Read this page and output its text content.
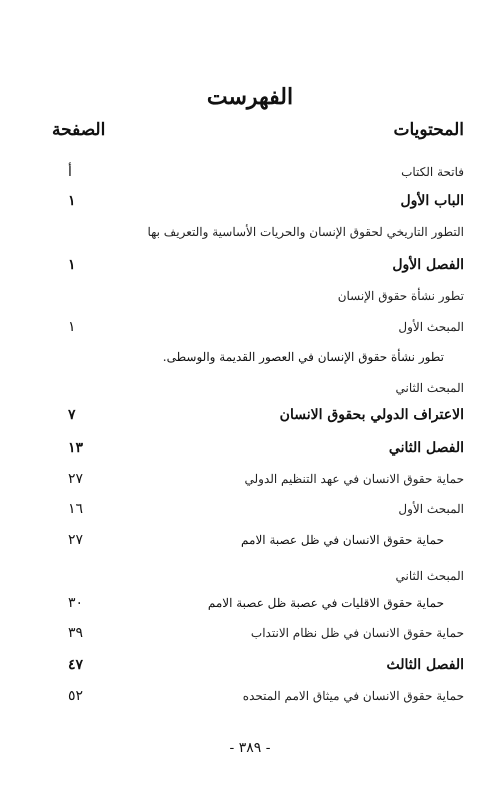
الفهرست
المحتويات
الصفحة
فاتحة الكتاب
أ
الباب الأول
١
التطور التاريخي لحقوق الإنسان والحريات الأساسية والتعريف بها
الفصل الأول
١
تطور نشأة حقوق الإنسان
المبحث الأول
١
تطور نشأة حقوق الإنسان في العصور القديمة والوسطى.
المبحث الثاني
الاعتراف الدولي بحقوق الانسان
٧
الفصل الثاني
١٣
حماية حقوق الانسان في عهد التنظيم الدولي
٢٧
المبحث الأول
١٦
حماية حقوق الانسان في ظل عصبة الامم
٢٧
المبحث الثاني
حماية حقوق الاقليات في عصبة ظل عصبة الامم
٣٠
حماية حقوق الانسان في ظل نظام الانتداب
٣٩
الفصل الثالث
٤٧
حماية حقوق الانسان في ميثاق الامم المتحده
٥٢
- ٣٨٩ -
